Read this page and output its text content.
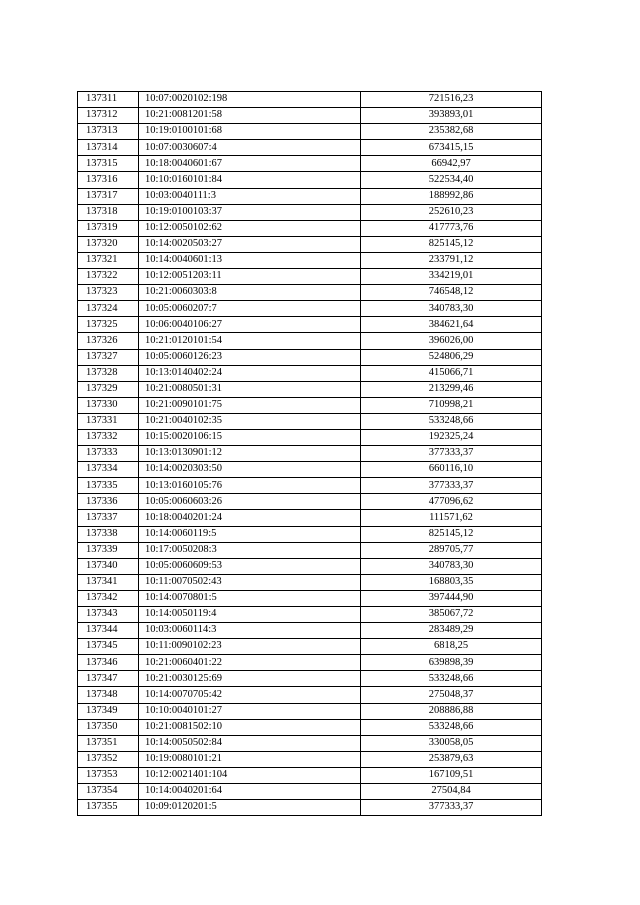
137311	10:07:0020102:198	721516,23
137312	10:21:0081201:58	393893,01
137313	10:19:0100101:68	235382,68
137314	10:07:0030607:4	673415,15
137315	10:18:0040601:67	66942,97
137316	10:10:0160101:84	522534,40
137317	10:03:0040111:3	188992,86
137318	10:19:0100103:37	252610,23
137319	10:12:0050102:62	417773,76
137320	10:14:0020503:27	825145,12
137321	10:14:0040601:13	233791,12
137322	10:12:0051203:11	334219,01
137323	10:21:0060303:8	746548,12
137324	10:05:0060207:7	340783,30
137325	10:06:0040106:27	384621,64
137326	10:21:0120101:54	396026,00
137327	10:05:0060126:23	524806,29
137328	10:13:0140402:24	415066,71
137329	10:21:0080501:31	213299,46
137330	10:21:0090101:75	710998,21
137331	10:21:0040102:35	533248,66
137332	10:15:0020106:15	192325,24
137333	10:13:0130901:12	377333,37
137334	10:14:0020303:50	660116,10
137335	10:13:0160105:76	377333,37
137336	10:05:0060603:26	477096,62
137337	10:18:0040201:24	111571,62
137338	10:14:0060119:5	825145,12
137339	10:17:0050208:3	289705,77
137340	10:05:0060609:53	340783,30
137341	10:11:0070502:43	168803,35
137342	10:14:0070801:5	397444,90
137343	10:14:0050119:4	385067,72
137344	10:03:0060114:3	283489,29
137345	10:11:0090102:23	6818,25
137346	10:21:0060401:22	639898,39
137347	10:21:0030125:69	533248,66
137348	10:14:0070705:42	275048,37
137349	10:10:0040101:27	208886,88
137350	10:21:0081502:10	533248,66
137351	10:14:0050502:84	330058,05
137352	10:19:0080101:21	253879,63
137353	10:12:0021401:104	167109,51
137354	10:14:0040201:64	27504,84
137355	10:09:0120201:5	377333,37
